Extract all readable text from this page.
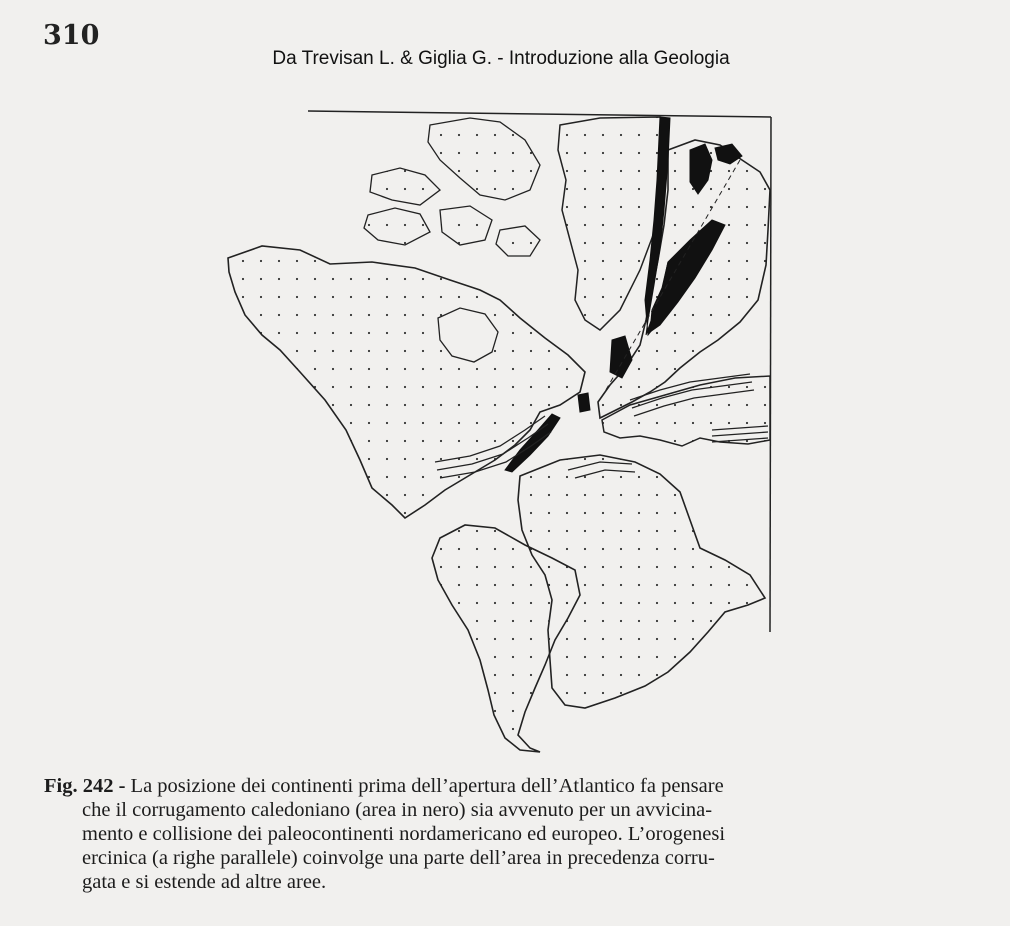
310
Da Trevisan L. & Giglia G. - Introduzione alla Geologia
Fig. 242 - La posizione dei continenti prima dell’apertura dell’Atlantico fa pensare
che il corrugamento caledoniano (area in nero) sia avvenuto per un avvicina-
mento e collisione dei paleocontinenti nordamericano ed europeo. L’orogenesi
ercinica (a righe parallele) coinvolge una parte dell’area in precedenza corru-
gata e si estende ad altre aree.
